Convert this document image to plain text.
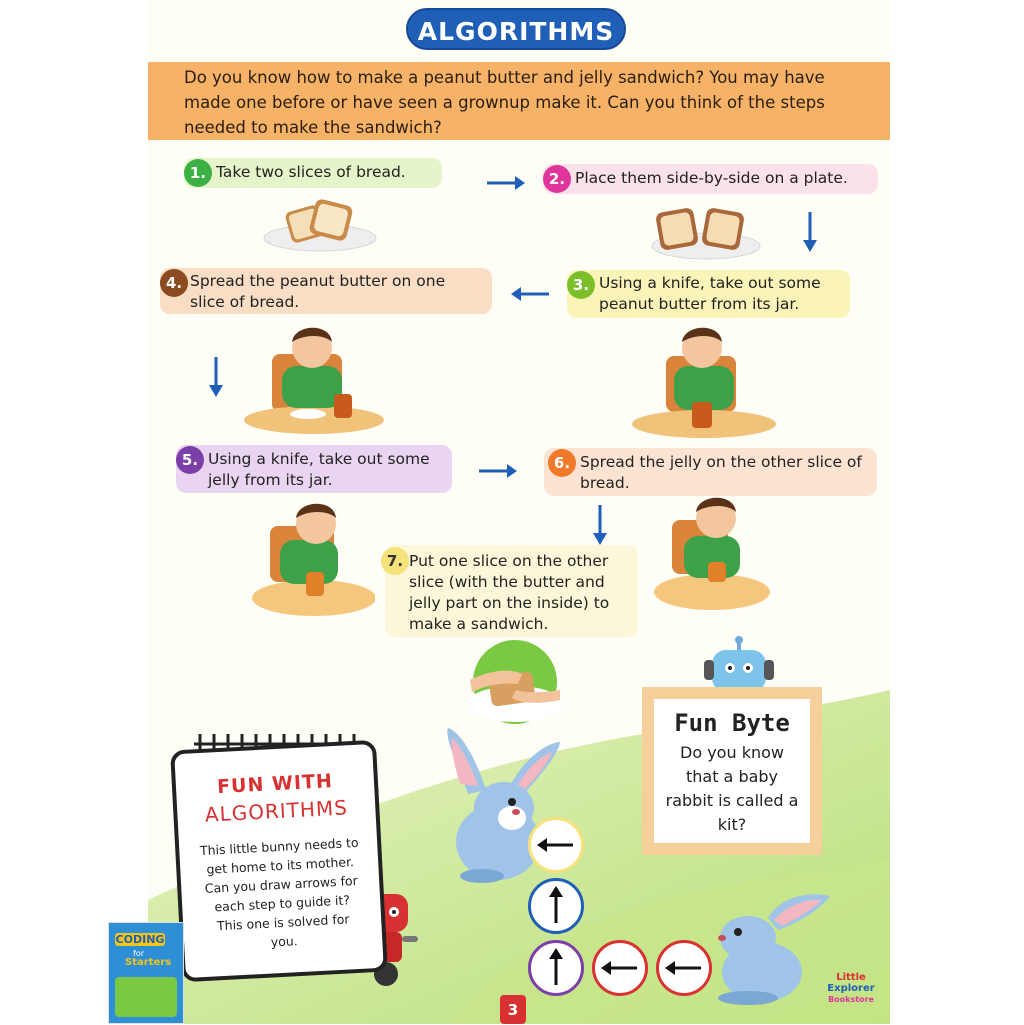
ALGORITHMS
Do you know how to make a peanut butter and jelly sandwich? You may have made one before or have seen a grownup make it. Can you think of the steps needed to make the sandwich?
1. Take two slices of bread.	2. Place them side-by-side on a plate.
3. Using a knife, take out some peanut butter from its jar.
4. Spread the peanut butter on one slice of bread.
5. Using a knife, take out some jelly from its jar.
6. Spread the jelly on the other slice of bread.
7. Put one slice on the other slice (with the butter and jelly part on the inside) to make a sandwich.
FUN WITH
ALGORITHMS
This little bunny needs to get home to its mother. Can you draw arrows for each step to guide it? This one is solved for you.
Fun Byte
Do you know that a baby rabbit is called a kit?
CODING
for
Starters
Little
Explorer
Bookstore
3
